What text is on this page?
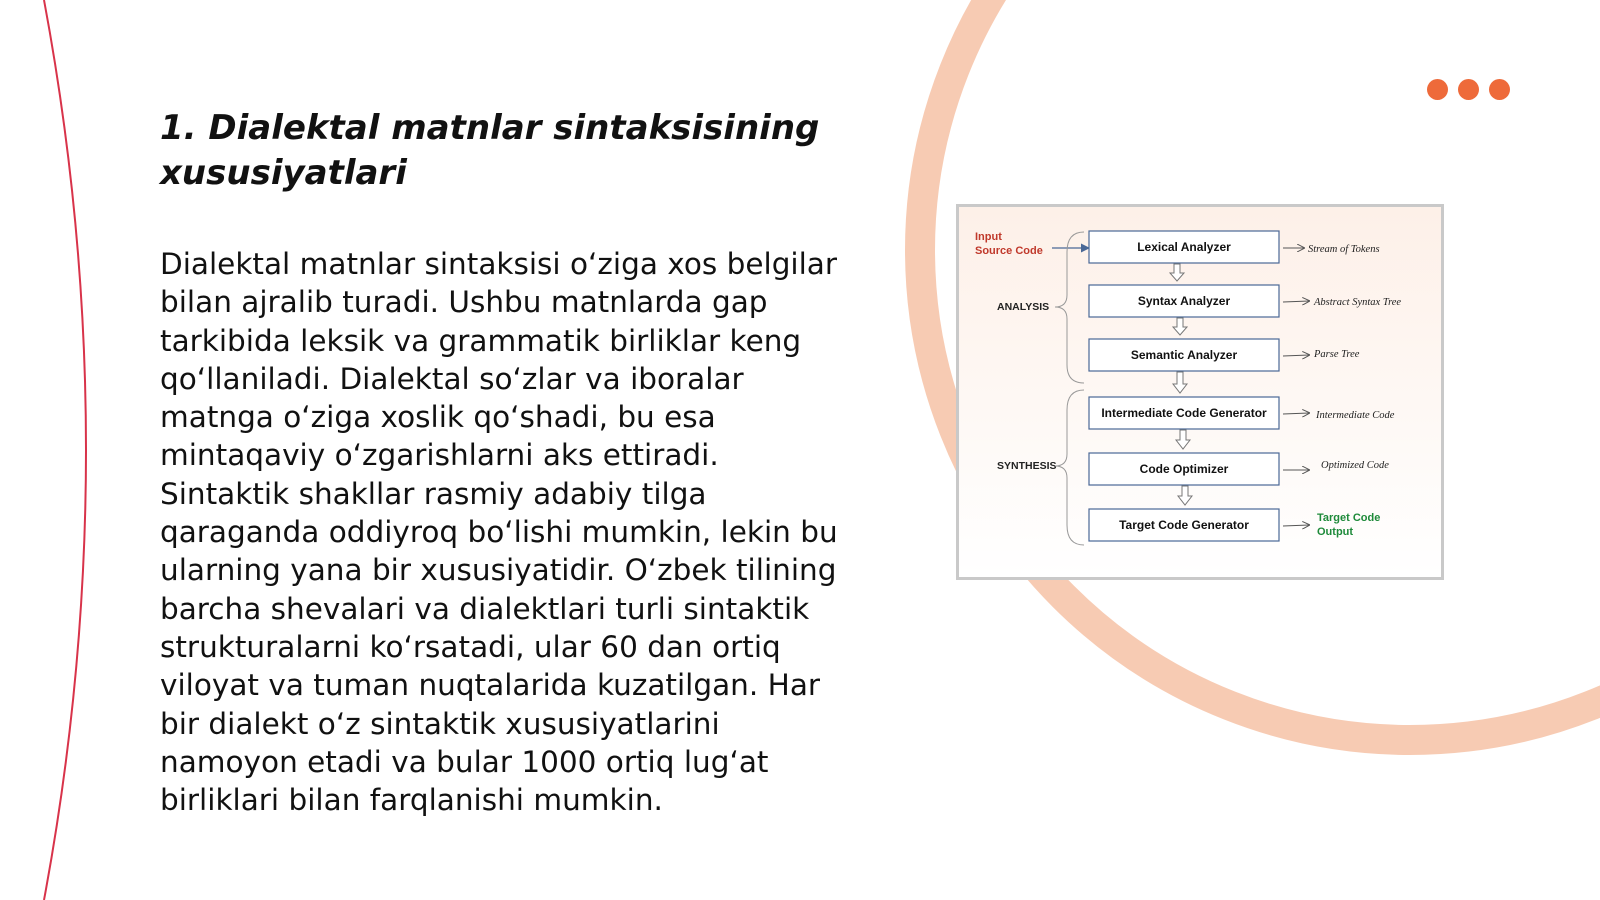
1. Dialektal matnlar sintaksisining xususiyatlari

Dialektal matnlar sintaksisi o‘ziga xos belgilar bilan ajralib turadi. Ushbu matnlarda gap tarkibida leksik va grammatik birliklar keng qo‘llaniladi. Dialektal so‘zlar va iboralar matnga o‘ziga xoslik qo‘shadi, bu esa mintaqaviy o‘zgarishlarni aks ettiradi. Sintaktik shakllar rasmiy adabiy tilga qaraganda oddiyroq bo‘lishi mumkin, lekin bu ularning yana bir xususiyatidir. O‘zbek tilining barcha shevalari va dialektlari turli sintaktik strukturalarni ko‘rsatadi, ular 60 dan ortiq viloyat va tuman nuqtalarida kuzatilgan. Har bir dialekt o‘z sintaktik xususiyatlarini namoyon etadi va bular 1000 ortiq lug‘at birliklari bilan farqlanishi mumkin.

Input
Source Code
ANALYSIS
SYNTHESIS
Lexical Analyzer
Syntax Analyzer
Semantic Analyzer
Intermediate Code Generator
Code Optimizer
Target Code Generator
Stream of Tokens
Abstract Syntax Tree
Parse Tree
Intermediate Code
Optimized Code
Target Code
Output
